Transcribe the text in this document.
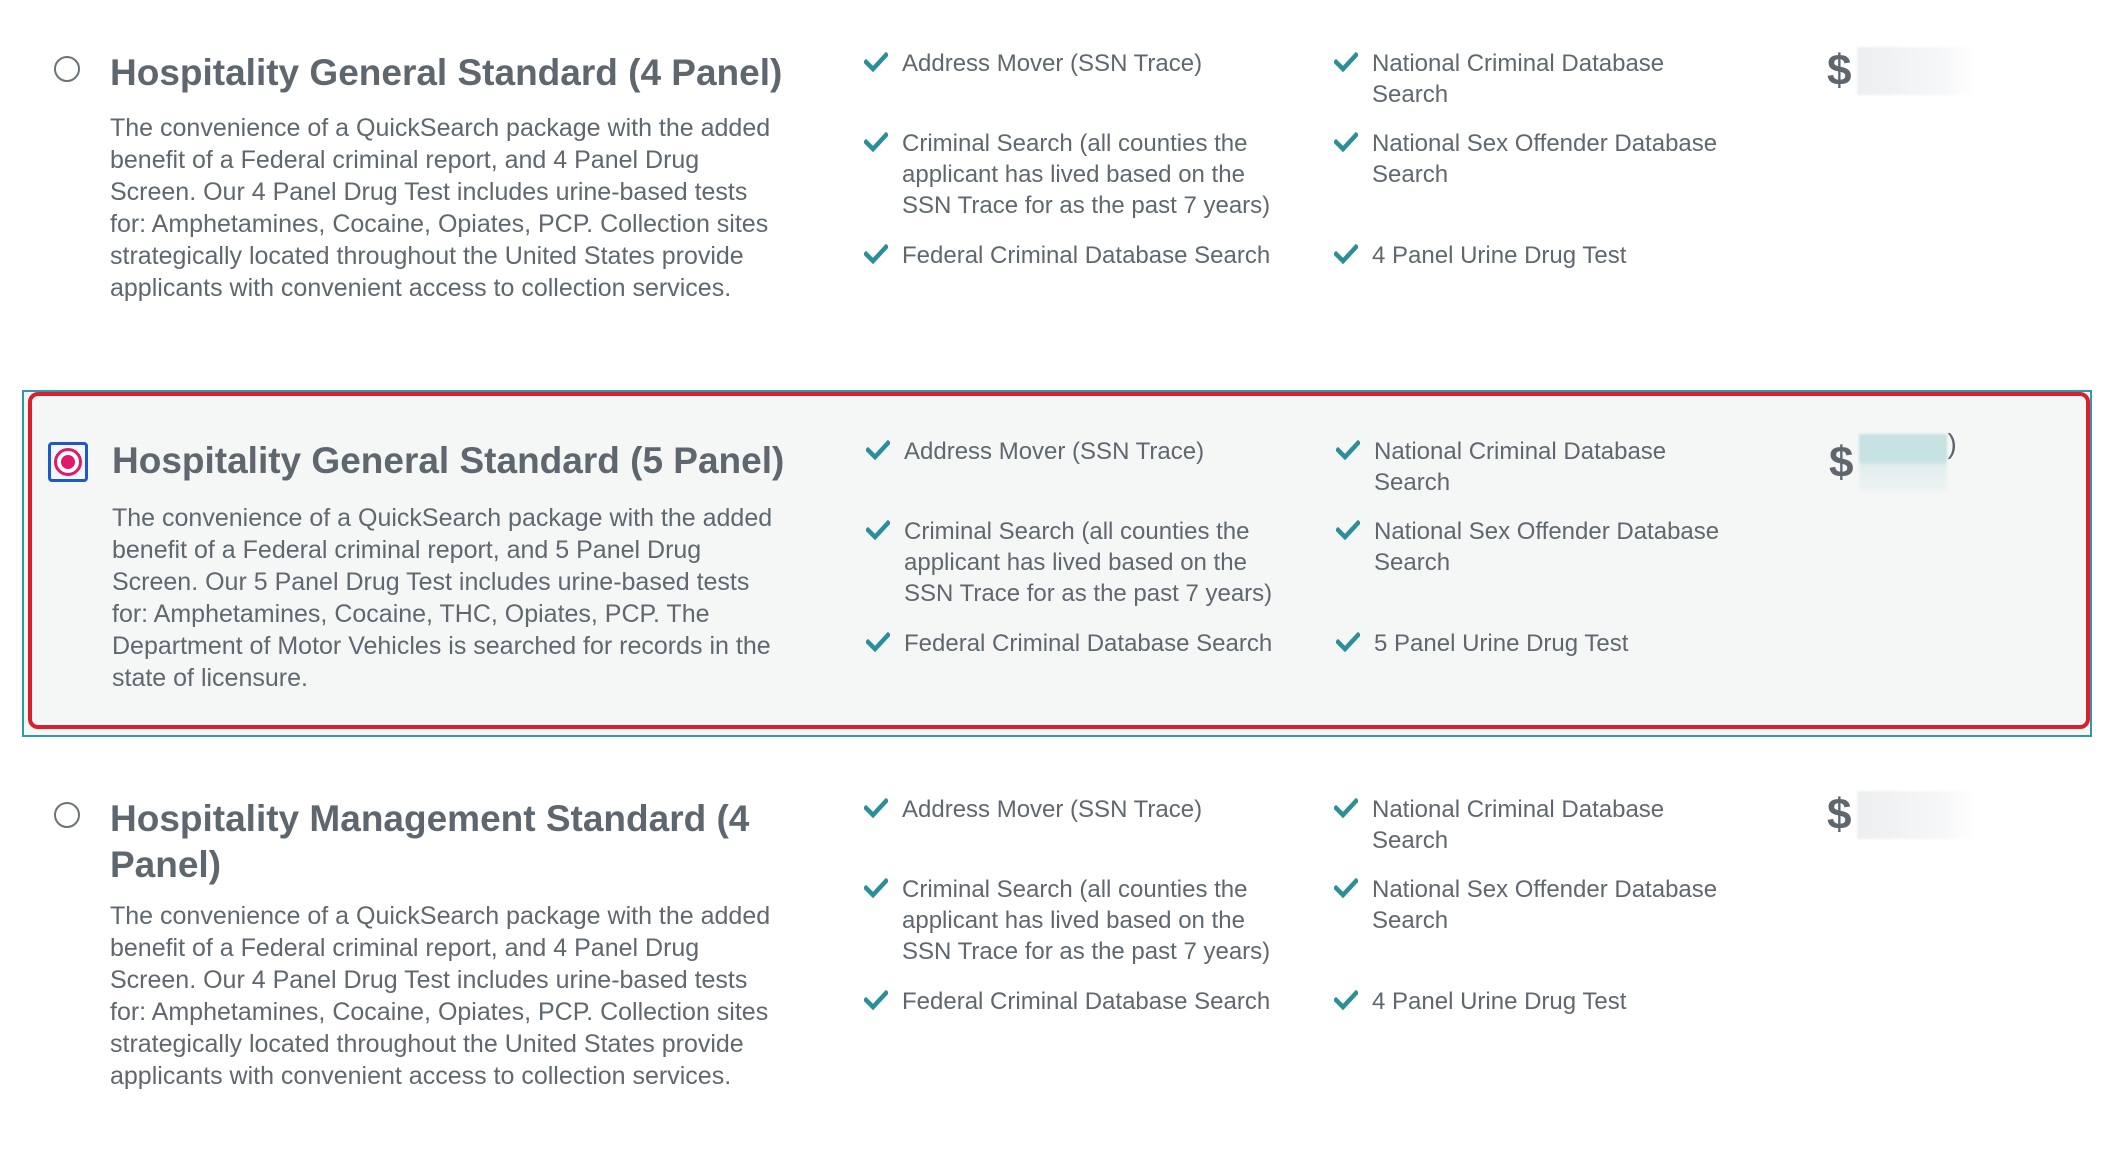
Hospitality General Standard (4 Panel)

The convenience of a QuickSearch package with the added benefit of a Federal criminal report, and 4 Panel Drug Screen. Our 4 Panel Drug Test includes urine-based tests for: Amphetamines, Cocaine, Opiates, PCP. Collection sites strategically located throughout the United States provide applicants with convenient access to collection services.

Address Mover (SSN Trace)
Criminal Search (all counties the applicant has lived based on the SSN Trace for as the past 7 years)
Federal Criminal Database Search
National Criminal Database Search
National Sex Offender Database Search
4 Panel Urine Drug Test
$
Hospitality General Standard (5 Panel)

The convenience of a QuickSearch package with the added benefit of a Federal criminal report, and 5 Panel Drug Screen. Our 5 Panel Drug Test includes urine-based tests for: Amphetamines, Cocaine, THC, Opiates, PCP. The Department of Motor Vehicles is searched for records in the state of licensure.

Address Mover (SSN Trace)
Criminal Search (all counties the applicant has lived based on the SSN Trace for as the past 7 years)
Federal Criminal Database Search
National Criminal Database Search
National Sex Offender Database Search
5 Panel Urine Drug Test
$	)
Hospitality Management Standard (4 Panel)

The convenience of a QuickSearch package with the added benefit of a Federal criminal report, and 4 Panel Drug Screen. Our 4 Panel Drug Test includes urine-based tests for: Amphetamines, Cocaine, Opiates, PCP. Collection sites strategically located throughout the United States provide applicants with convenient access to collection services.

Address Mover (SSN Trace)
Criminal Search (all counties the applicant has lived based on the SSN Trace for as the past 7 years)
Federal Criminal Database Search
National Criminal Database Search
National Sex Offender Database Search
4 Panel Urine Drug Test
$
